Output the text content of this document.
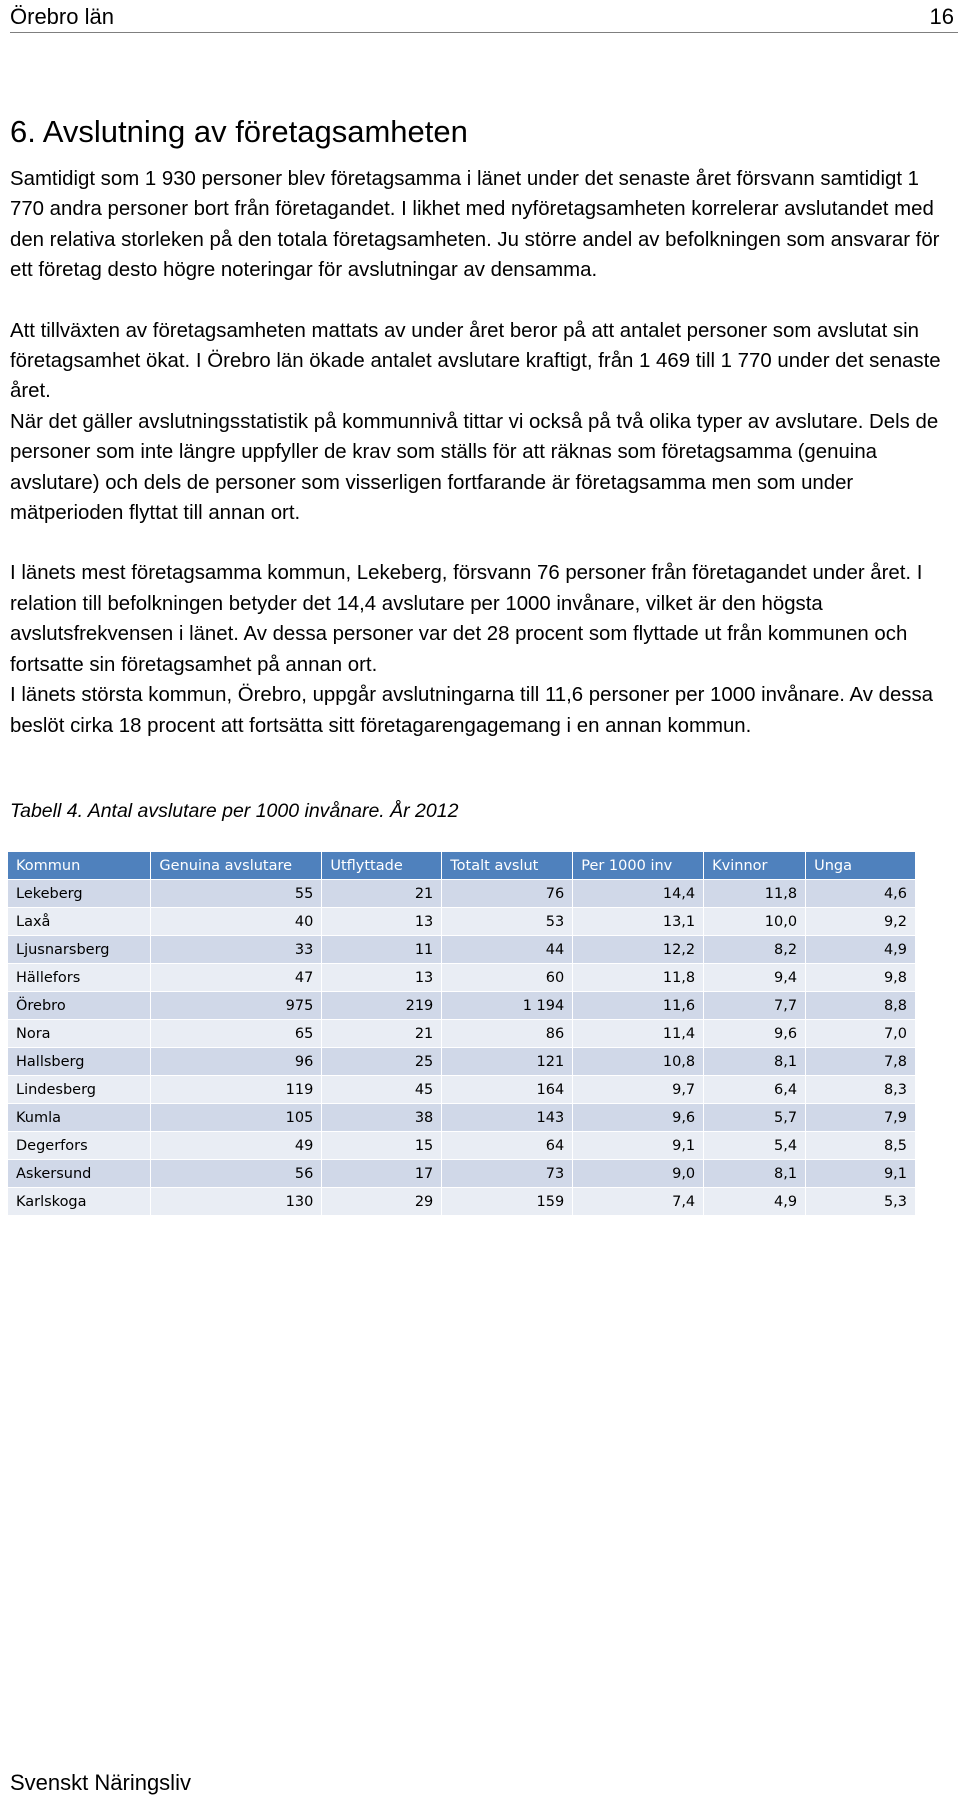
Örebro län	16
6. Avslutning av företagsamheten

Samtidigt som 1 930 personer blev företagsamma i länet under det senaste året försvann samtidigt 1 770 andra personer bort från företagandet. I likhet med nyföretagsamheten korrelerar avslutandet med den relativa storleken på den totala företagsamheten. Ju större andel av befolkningen som ansvarar för ett företag desto högre noteringar för avslutningar av densamma.

Att tillväxten av företagsamheten mattats av under året beror på att antalet personer som avslutat sin företagsamhet ökat. I Örebro län ökade antalet avslutare kraftigt, från 1 469 till 1 770 under det senaste året.

När det gäller avslutningsstatistik på kommunnivå tittar vi också på två olika typer av avslutare. Dels de personer som inte längre uppfyller de krav som ställs för att räknas som företagsamma (genuina avslutare) och dels de personer som visserligen fortfarande är företagsamma men som under mätperioden flyttat till annan ort.

I länets mest företagsamma kommun, Lekeberg, försvann 76 personer från företagandet under året. I relation till befolkningen betyder det 14,4 avslutare per 1000 invånare, vilket är den högsta avslutsfrekvensen i länet. Av dessa personer var det 28 procent som flyttade ut från kommunen och fortsatte sin företagsamhet på annan ort.

I länets största kommun, Örebro, uppgår avslutningarna till 11,6 personer per 1000 invånare. Av dessa beslöt cirka 18 procent att fortsätta sitt företagarengagemang i en annan kommun.

Tabell 4. Antal avslutare per 1000 invånare. År 2012
Kommun	Genuina avslutare	Utflyttade	Totalt avslut	Per 1000 inv	Kvinnor	Unga
Lekeberg	55	21	76	14,4	11,8	4,6
Laxå	40	13	53	13,1	10,0	9,2
Ljusnarsberg	33	11	44	12,2	8,2	4,9
Hällefors	47	13	60	11,8	9,4	9,8
Örebro	975	219	1 194	11,6	7,7	8,8
Nora	65	21	86	11,4	9,6	7,0
Hallsberg	96	25	121	10,8	8,1	7,8
Lindesberg	119	45	164	9,7	6,4	8,3
Kumla	105	38	143	9,6	5,7	7,9
Degerfors	49	15	64	9,1	5,4	8,5
Askersund	56	17	73	9,0	8,1	9,1
Karlskoga	130	29	159	7,4	4,9	5,3
Svenskt Näringsliv
